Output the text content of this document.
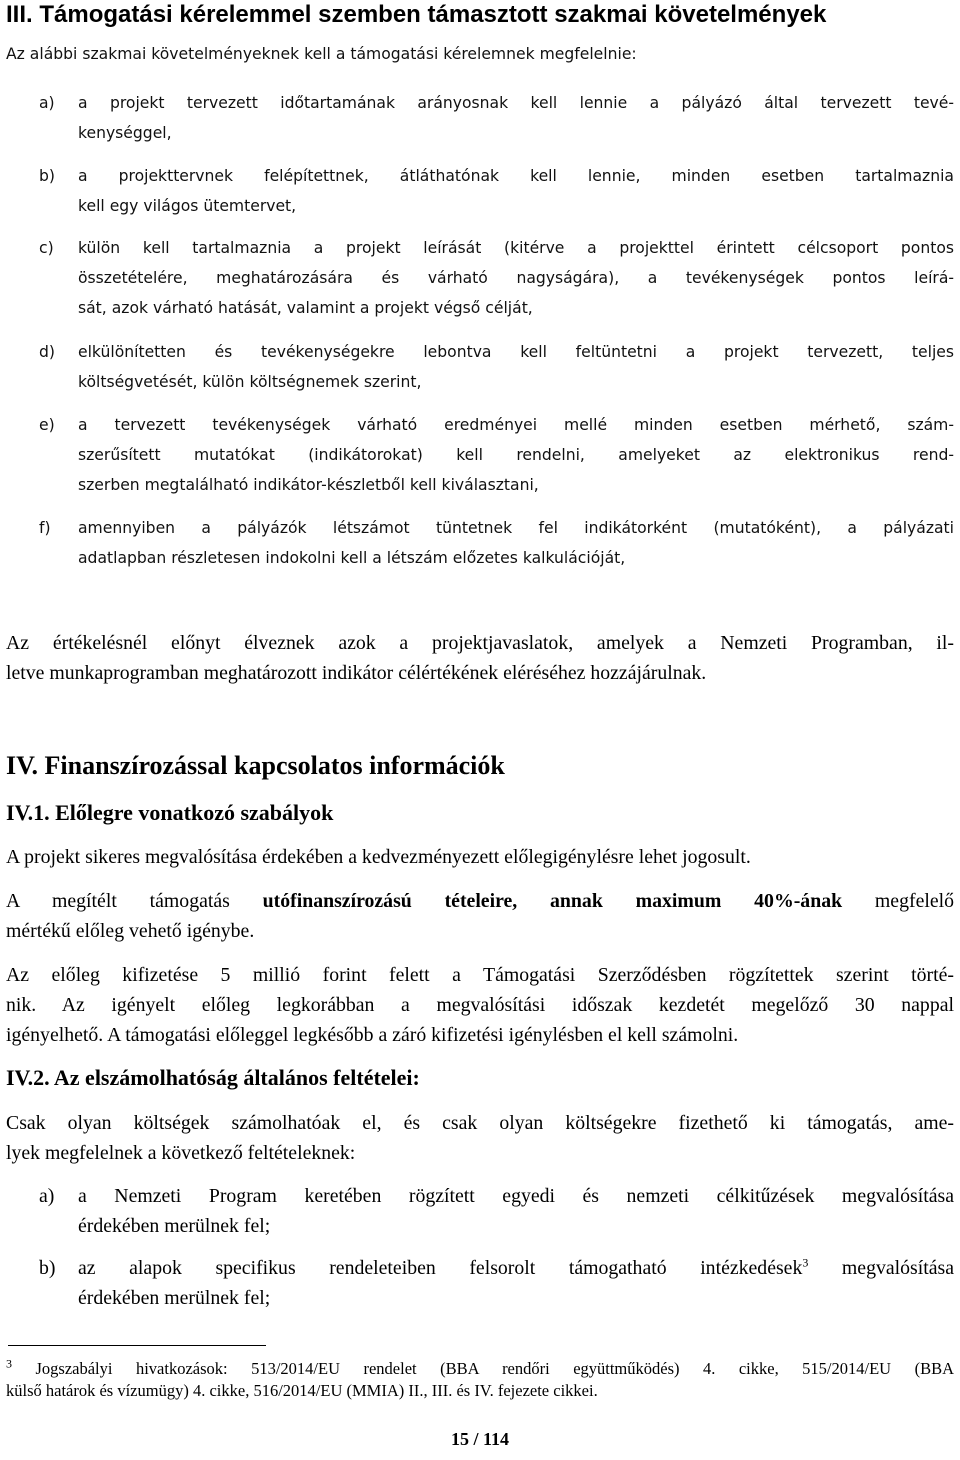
III. Támogatási kérelemmel szemben támasztott szakmai követelmények
Az alábbi szakmai követelményeknek kell a támogatási kérelemnek megfelelnie:
a) a projekt tervezett időtartamának arányosnak kell lennie a pályázó által tervezett tevé-
kenységgel,
b) a projekttervnek felépítettnek, átláthatónak kell lennie, minden esetben tartalmaznia
kell egy világos ütemtervet,
c) külön kell tartalmaznia a projekt leírását (kitérve a projekttel érintett célcsoport pontos
összetételére, meghatározására és várható nagyságára), a tevékenységek pontos leírá-
sát, azok várható hatását, valamint a projekt végső célját,
d) elkülönítetten és tevékenységekre lebontva kell feltüntetni a projekt tervezett, teljes
költségvetését, külön költségnemek szerint,
e) a tervezett tevékenységek várható eredményei mellé minden esetben mérhető, szám-
szerűsített mutatókat (indikátorokat) kell rendelni, amelyeket az elektronikus rend-
szerben megtalálható indikátor-készletből kell kiválasztani,
f) amennyiben a pályázók létszámot tüntetnek fel indikátorként (mutatóként), a pályázati
adatlapban részletesen indokolni kell a létszám előzetes kalkulációját,
Az értékelésnél előnyt élveznek azok a projektjavaslatok, amelyek a Nemzeti Programban, il-
letve munkaprogramban meghatározott indikátor célértékének eléréséhez hozzájárulnak.
IV. Finanszírozással kapcsolatos információk
IV.1. Előlegre vonatkozó szabályok
A projekt sikeres megvalósítása érdekében a kedvezményezett előlegigénylésre lehet jogosult.
A megítélt támogatás utófinanszírozású tételeire, annak maximum 40%-ának megfelelő
mértékű előleg vehető igénybe.
Az előleg kifizetése 5 millió forint felett a Támogatási Szerződésben rögzítettek szerint törté-
nik. Az igényelt előleg legkorábban a megvalósítási időszak kezdetét megelőző 30 nappal
igényelhető. A támogatási előleggel legkésőbb a záró kifizetési igénylésben el kell számolni.
IV.2. Az elszámolhatóság általános feltételei:
Csak olyan költségek számolhatóak el, és csak olyan költségekre fizethető ki támogatás, ame-
lyek megfelelnek a következő feltételeknek:
a) a Nemzeti Program keretében rögzített egyedi és nemzeti célkitűzések megvalósítása
érdekében merülnek fel;
b) az alapok specifikus rendeleteiben felsorolt támogatható intézkedések$^3$ megvalósítása
érdekében merülnek fel;
$^3$ Jogszabályi hivatkozások: 513/2014/EU rendelet (BBA rendőri együttműködés) 4. cikke, 515/2014/EU (BBA
külső határok és vízumügy) 4. cikke, 516/2014/EU (MMIA) II., III. és IV. fejezete cikkei.
15 / 114
